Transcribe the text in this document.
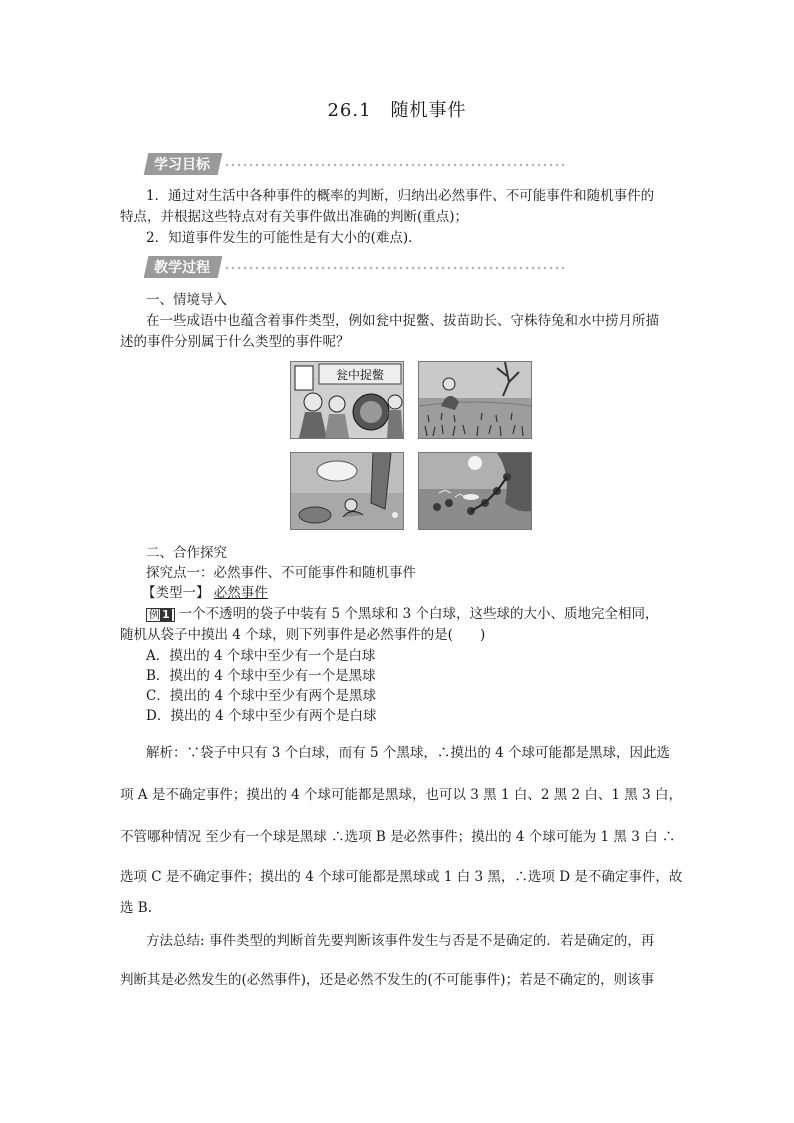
26.1　随机事件
学习目标
1．通过对生活中各种事件的概率的判断，归纳出必然事件、不可能事件和随机事件的
特点，并根据这些特点对有关事件做出准确的判断(重点)；
2．知道事件发生的可能性是有大小的(难点)．
教学过程
一、情境导入
在一些成语中也蕴含着事件类型，例如瓮中捉鳖、拔苗助长、守株待兔和水中捞月所描
述的事件分别属于什么类型的事件呢？
瓮中捉鳖
二、合作探究
探究点一：必然事件、不可能事件和随机事件
【类型一】 必然事件
例 1 一个不透明的袋子中装有 5 个黑球和 3 个白球，这些球的大小、质地完全相同，
随机从袋子中摸出 4 个球，则下列事件是必然事件的是(　　)
A．摸出的 4 个球中至少有一个是白球
B．摸出的 4 个球中至少有一个是黑球
C．摸出的 4 个球中至少有两个是黑球
D．摸出的 4 个球中至少有两个是白球
解析：∵袋子中只有 3 个白球，而有 5 个黑球，∴摸出的 4 个球可能都是黑球，因此选
项 A 是不确定事件；摸出的 4 个球可能都是黑球，也可以 3 黑 1 白、2 黑 2 白、1 黑 3 白，
不管哪种情况 至少有一个球是黑球 ∴选项 B 是必然事件；摸出的 4 个球可能为 1 黑 3 白 ∴
选项 C 是不确定事件；摸出的 4 个球可能都是黑球或 1 白 3 黑，∴选项 D 是不确定事件，故
选 B.
方法总结: 事件类型的判断首先要判断该事件发生与否是不是确定的．若是确定的，再
判断其是必然发生的(必然事件)，还是必然不发生的(不可能事件)；若是不确定的，则该事
